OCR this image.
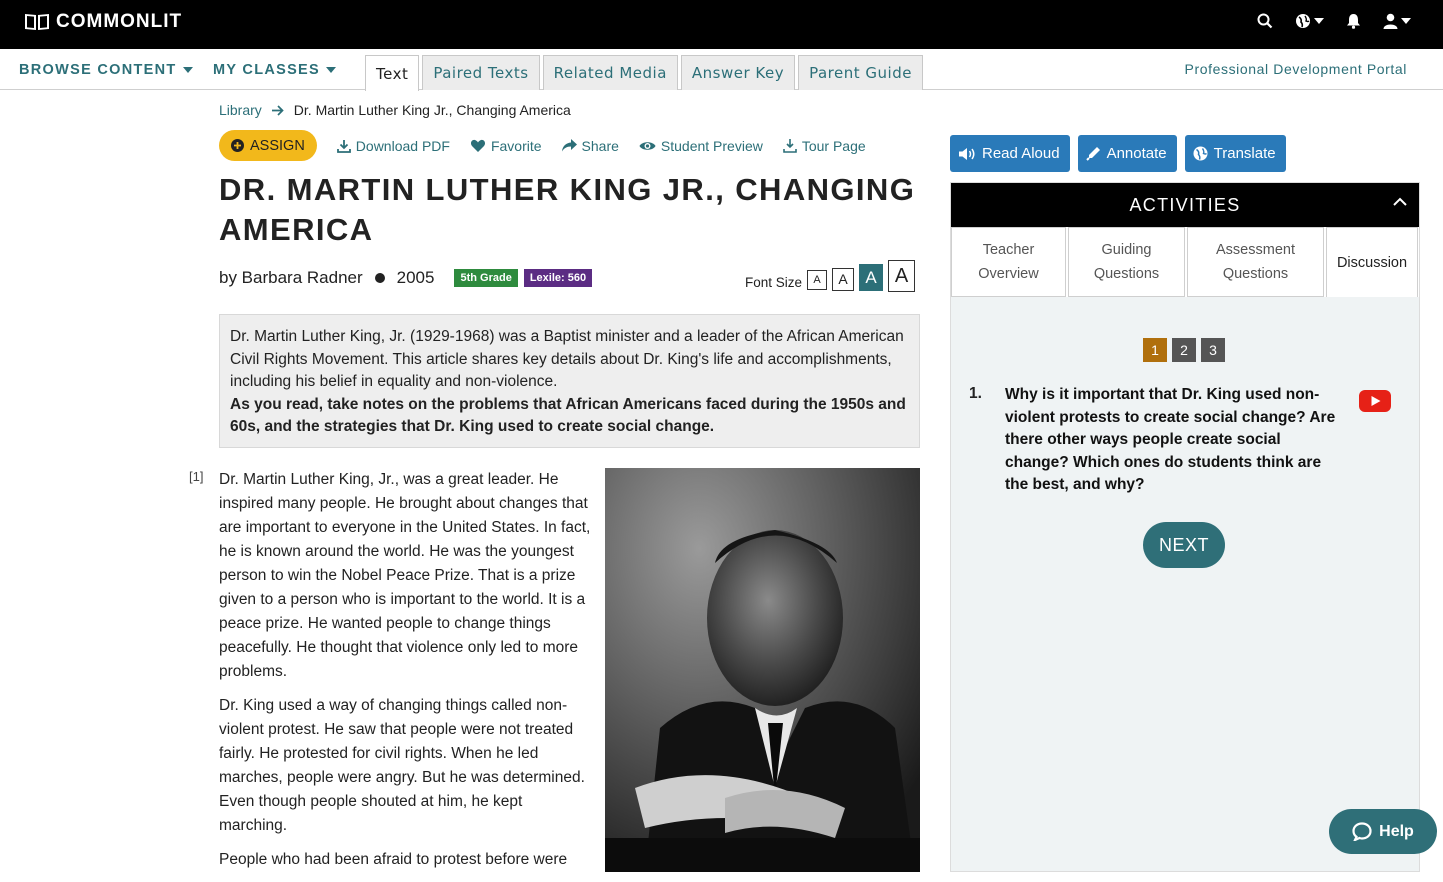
COMMONLIT
BROWSE CONTENT	MY CLASSES	Text	Paired Texts	Related Media	Answer Key	Parent Guide	Professional Development Portal
Library Dr. Martin Luther King Jr., Changing America
ASSIGN	Download PDF	Favorite	Share	Student Preview	Tour Page
DR. MARTIN LUTHER KING JR., CHANGING AMERICA
by Barbara Radner 2005	5th Grade	Lexile: 560	Font Size	A	A	A A
Dr. Martin Luther King, Jr. (1929-1968) was a Baptist minister and a leader of the African American Civil Rights Movement. This article shares key details about Dr. King's life and accomplishments, including his belief in equality and non-violence.
As you read, take notes on the problems that African Americans faced during the 1950s and 60s, and the strategies that Dr. King used to create social change.
[1] Dr. Martin Luther King, Jr., was a great leader. He inspired many people. He brought about changes that are important to everyone in the United States. In fact, he is known around the world. He was the youngest person to win the Nobel Peace Prize. That is a prize given to a person who is important to the world. It is a peace prize. He wanted people to change things peacefully. He thought that violence only led to more problems.

Dr. King used a way of changing things called non-violent protest. He saw that people were not treated fairly. He protested for civil rights. When he led marches, people were angry. But he was determined. Even though people shouted at him, he kept marching.

People who had been afraid to protest before were

Read Aloud	Annotate	Translate
ACTIVITIES
Teacher
Overview
Guiding
Questions
Assessment
Questions
Discussion
1	2	3
1. Why is it important that Dr. King used non-violent protests to create social change? Are there other ways people create social change? Which ones do students think are the best, and why?
NEXT
Help
